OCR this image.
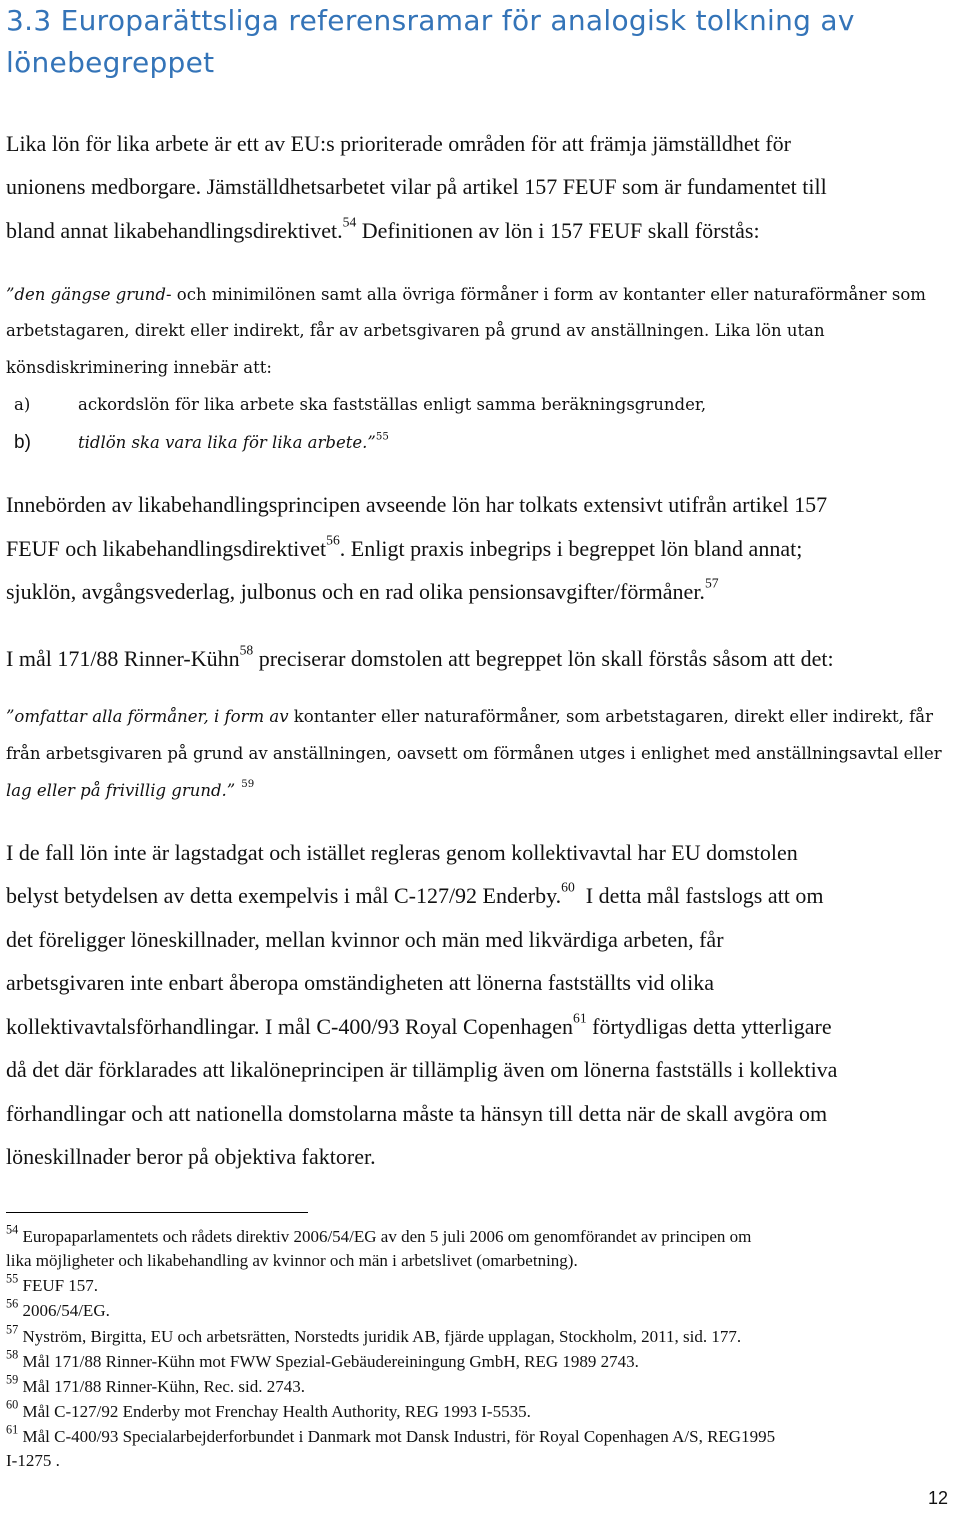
3.3 Europarättsliga referensramar för analogisk tolkning av lönebegreppet
Lika lön för lika arbete är ett av EU:s prioriterade områden för att främja jämställdhet för
unionens medborgare. Jämställdhetsarbetet vilar på artikel 157 FEUF som är fundamentet till
bland annat likabehandlingsdirektivet.$^{54}$ Definitionen av lön i 157 FEUF skall förstås:
”den gängse grund- och minimilönen samt alla övriga förmåner i form av kontanter eller naturaförmåner som
arbetstagaren, direkt eller indirekt, får av arbetsgivaren på grund av anställningen. Lika lön utan
könsdiskriminering innebär att:
a)	ackordslön för lika arbete ska fastställas enligt samma beräkningsgrunder,
b)	tidlön ska vara lika för lika arbete.”$^{55}$
Innebörden av likabehandlingsprincipen avseende lön har tolkats extensivt utifrån artikel 157
FEUF och likabehandlingsdirektivet$^{56}$. Enligt praxis inbegrips i begreppet lön bland annat;
sjuklön, avgångsvederlag, julbonus och en rad olika pensionsavgifter/förmåner.$^{57}$
I mål 171/88 Rinner-Kühn$^{58}$ preciserar domstolen att begreppet lön skall förstås såsom att det:
”omfattar alla förmåner, i form av kontanter eller naturaförmåner, som arbetstagaren, direkt eller indirekt, får
från arbetsgivaren på grund av anställningen, oavsett om förmånen utges i enlighet med anställningsavtal eller
lag eller på frivillig grund.” $^{59}$
I de fall lön inte är lagstadgat och istället regleras genom kollektivavtal har EU domstolen
belyst betydelsen av detta exempelvis i mål C-127/92 Enderby.$^{60}$  I detta mål fastslogs att om
det föreligger löneskillnader, mellan kvinnor och män med likvärdiga arbeten, får
arbetsgivaren inte enbart åberopa omständigheten att lönerna fastställts vid olika
kollektivavtalsförhandlingar. I mål C-400/93 Royal Copenhagen$^{61}$ förtydligas detta ytterligare
då det där förklarades att likalöneprincipen är tillämplig även om lönerna fastställs i kollektiva
förhandlingar och att nationella domstolarna måste ta hänsyn till detta när de skall avgöra om
löneskillnader beror på objektiva faktorer.
$^{54}$ Europaparlamentets och rådets direktiv 2006/54/EG av den 5 juli 2006 om genomförandet av principen om
lika möjligheter och likabehandling av kvinnor och män i arbetslivet (omarbetning).
$^{55}$ FEUF 157.
$^{56}$ 2006/54/EG.
$^{57}$ Nyström, Birgitta, EU och arbetsrätten, Norstedts juridik AB, fjärde upplagan, Stockholm, 2011, sid. 177.
$^{58}$ Mål 171/88 Rinner-Kühn mot FWW Spezial-Gebäudereiningung GmbH, REG 1989 2743.
$^{59}$ Mål 171/88 Rinner-Kühn, Rec. sid. 2743.
$^{60}$ Mål C-127/92 Enderby mot Frenchay Health Authority, REG 1993 I-5535.
$^{61}$ Mål C-400/93 Specialarbejderforbundet i Danmark mot Dansk Industri, för Royal Copenhagen A/S, REG1995
I-1275 .
12
